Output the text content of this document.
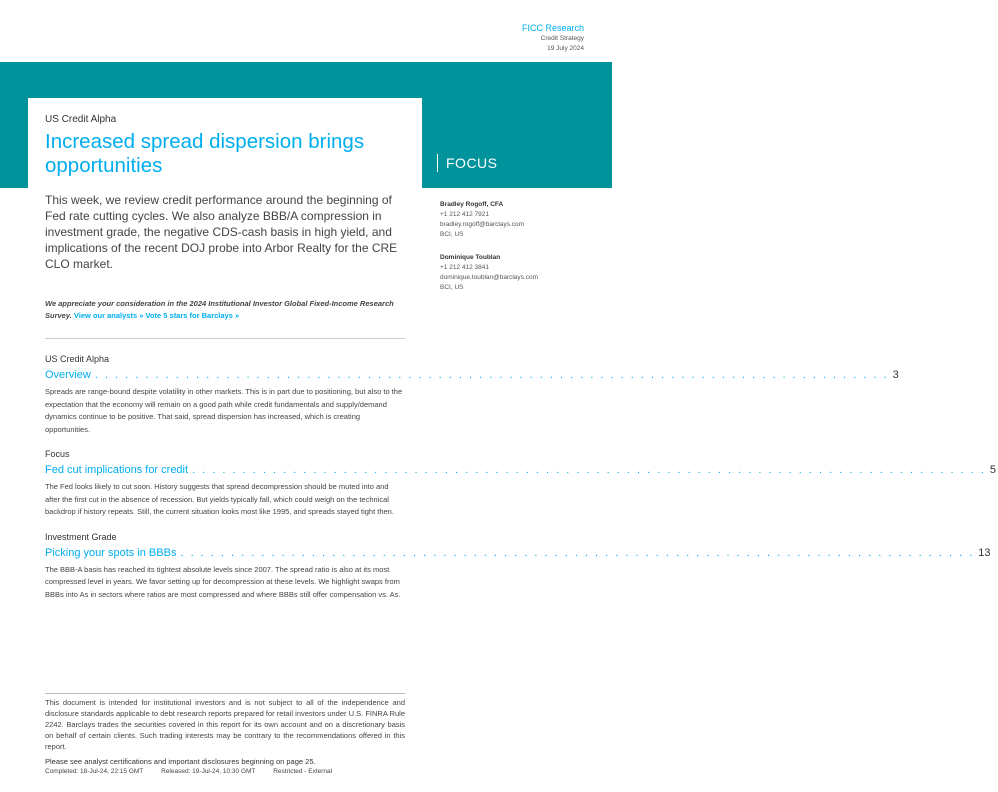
FICC Research
Credit Strategy
19 July 2024
FOCUS
US Credit Alpha
Increased spread dispersion brings opportunities

This week, we review credit performance around the beginning of Fed rate cutting cycles. We also analyze BBB/A compression in investment grade, the negative CDS-cash basis in high yield, and implications of the recent DOJ probe into Arbor Realty for the CRE CLO market.

We appreciate your consideration in the 2024 Institutional Investor Global Fixed-Income Research Survey. View our analysts » Vote 5 stars for Barclays »

Bradley Rogoff, CFA
+1 212 412 7921
bradley.rogoff@barclays.com
BCI, US
Dominique Toublan
+1 212 412 3841
dominique.toublan@barclays.com
BCI, US
US Credit Alpha
Overview . . . . . . . . . . . . . . . . . . . . . . . . . . . . . . . . . . . . . . . . . . . . . . . . . . . . . . . . . . . . . . . . . . . . . . . . . . . . . . . 3

Spreads are range-bound despite volatility in other markets. This is in part due to positioning, but also to the expectation that the economy will remain on a good path while credit fundamentals and supply/demand dynamics continue to be positive. That said, spread dispersion has increased, which is creating opportunities.

Focus
Fed cut implications for credit . . . . . . . . . . . . . . . . . . . . . . . . . . . . . . . . . . . . . . . . . . . . . . . . . . . . . . . . . . . . . . . . . . . . . . . . . . . . . . . 5

The Fed looks likely to cut soon. History suggests that spread decompression should be muted into and after the first cut in the absence of recession. But yields typically fall, which could weigh on the technical backdrop if history repeats. Still, the current situation looks most like 1995, and spreads stayed tight then.

Investment Grade
Picking your spots in BBBs . . . . . . . . . . . . . . . . . . . . . . . . . . . . . . . . . . . . . . . . . . . . . . . . . . . . . . . . . . . . . . . . . . . . . . . . . . . . . . . 13

The BBB-A basis has reached its tightest absolute levels since 2007. The spread ratio is also at its most compressed level in years. We favor setting up for decompression at these levels. We highlight swaps from BBBs into As in sectors where ratios are most compressed and where BBBs still offer compensation vs. As.

This document is intended for institutional investors and is not subject to all of the independence and disclosure standards applicable to debt research reports prepared for retail investors under U.S. FINRA Rule 2242. Barclays trades the securities covered in this report for its own account and on a discretionary basis on behalf of certain clients. Such trading interests may be contrary to the recommendations offered in this report.

Please see analyst certifications and important disclosures beginning on page 25.

Completed: 18-Jul-24, 22:15 GMT	Released: 19-Jul-24, 10:30 GMT	Restricted - External
